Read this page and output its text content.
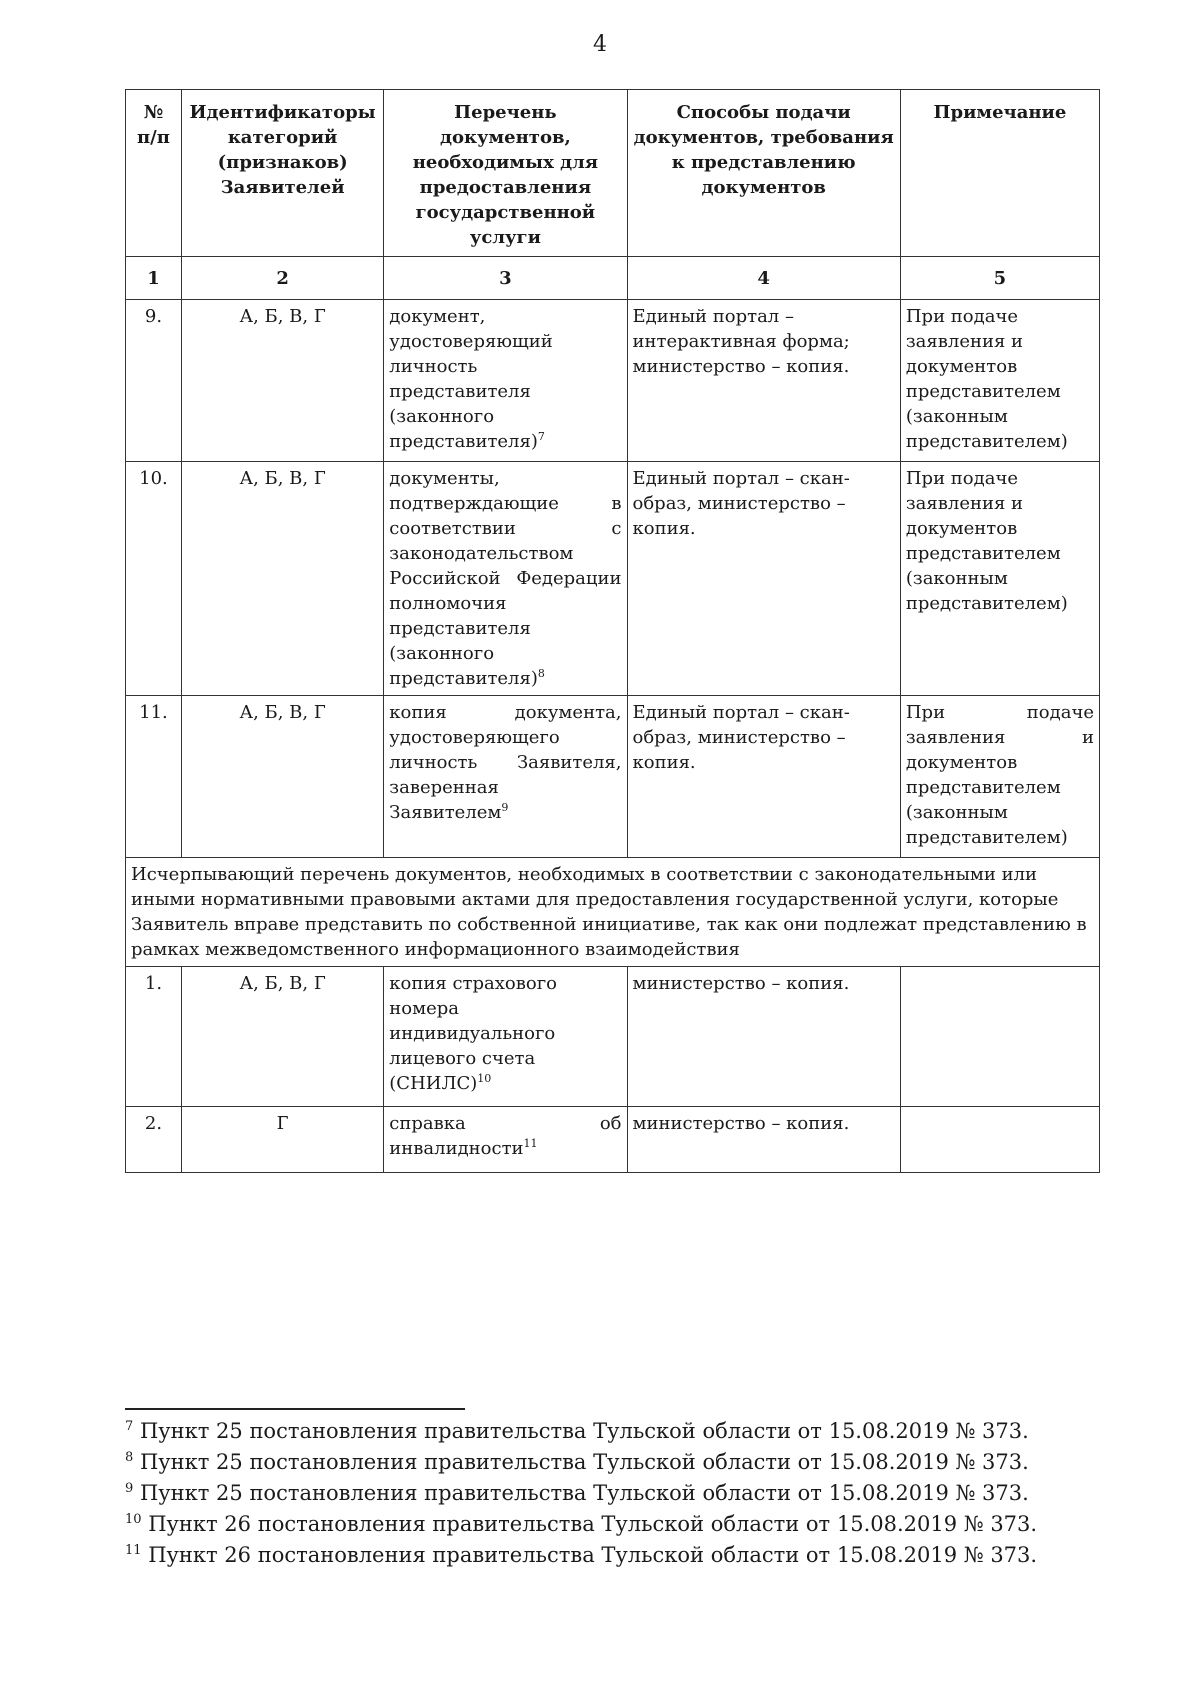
4
№ п/п	Идентификаторы категорий (признаков) Заявителей	Перечень документов, необходимых для предоставления государственной услуги	Способы подачи документов, требования к представлению документов	Примечание
1	2	3	4	5
9.	А, Б, В, Г	документ, удостоверяющий личность представителя (законного представителя)$^7$	Единый портал – интерактивная форма; министерство – копия.	При подаче заявления и документов представителем (законным представителем)
10.	А, Б, В, Г	документы, подтверждающие в соответствии с законодательством Российской Федерации полномочия представителя (законного представителя)$^8$	Единый портал – скан-образ, министерство – копия.	При подаче заявления и документов представителем (законным представителем)
11.	А, Б, В, Г	копия документа, удостоверяющего личность Заявителя, заверенная Заявителем$^9$	Единый портал – скан-образ, министерство – копия.	При подаче заявления и документов представителем (законным представителем)
Исчерпывающий перечень документов, необходимых в соответствии с законодательными или иными нормативными правовыми актами для предоставления государственной услуги, которые Заявитель вправе представить по собственной инициативе, так как они подлежат представлению в рамках межведомственного информационного взаимодействия				
1.	А, Б, В, Г	копия страхового номера индивидуального лицевого счета (СНИЛС)$^{10}$	министерство – копия.	
2.	Г	справка об инвалидности$^{11}$	министерство – копия.	
$^7$ Пункт 25 постановления правительства Тульской области от 15.08.2019 № 373.
$^8$ Пункт 25 постановления правительства Тульской области от 15.08.2019 № 373.
$^9$ Пункт 25 постановления правительства Тульской области от 15.08.2019 № 373.
$^{10}$ Пункт 26 постановления правительства Тульской области от 15.08.2019 № 373.
$^{11}$ Пункт 26 постановления правительства Тульской области от 15.08.2019 № 373.
